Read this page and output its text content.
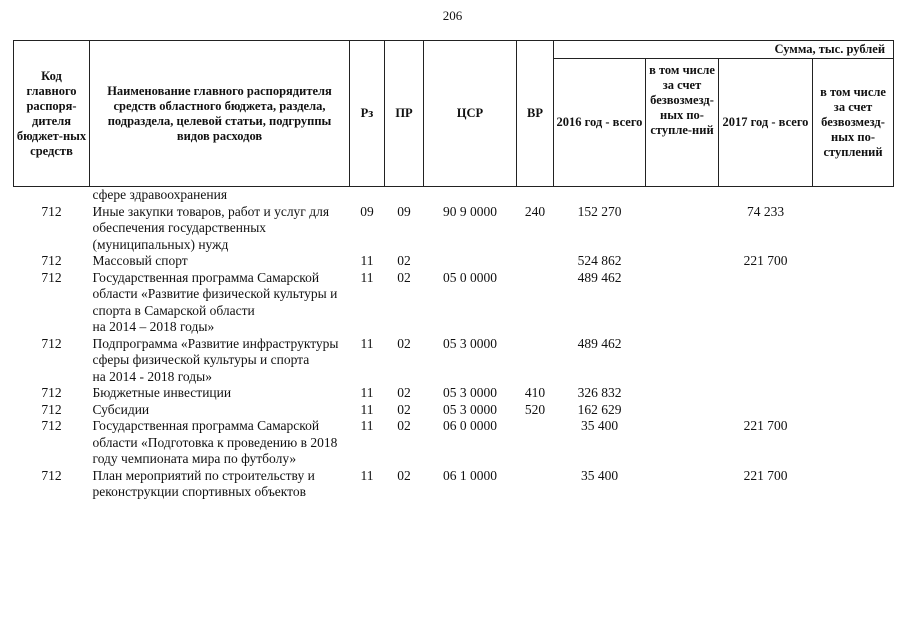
206
Код главного распоря-дителя бюджет-ных средств	Наименование главного распорядителя средств областного бюджета, раздела, подраздела, целевой статьи, подгруппы видов расходов	Рз	ПР	ЦСР	ВР	Сумма, тыс. рублей			
						2016 год - всего	в том числе за счет безвозмезд-ных по-ступле-ний	2017 год - всего	в том числе за счет безвозмезд-ных по-ступлений
	сфере здравоохранения								
712	Иные закупки товаров, работ и услуг для обеспечения государственных (муниципальных) нужд	09	09	90 9 0000	240	152 270		74 233	
712	Массовый спорт	11	02			524 862		221 700	
712	Государственная программа Самарской области «Развитие физической культуры и спорта в Самарской области
на 2014 – 2018 годы»	11	02	05 0 0000		489 462			
712	Подпрограмма «Развитие инфраструктуры сферы физической культуры и спорта
на 2014 - 2018 годы»	11	02	05 3 0000		489 462			
712	Бюджетные инвестиции	11	02	05 3 0000	410	326 832			
712	Субсидии	11	02	05 3 0000	520	162 629			
712	Государственная программа Самарской области «Подготовка к проведению в 2018 году чемпионата мира по футболу»	11	02	06 0 0000		35 400		221 700	
712	План мероприятий по строительству и реконструкции спортивных объектов	11	02	06 1 0000		35 400		221 700	
